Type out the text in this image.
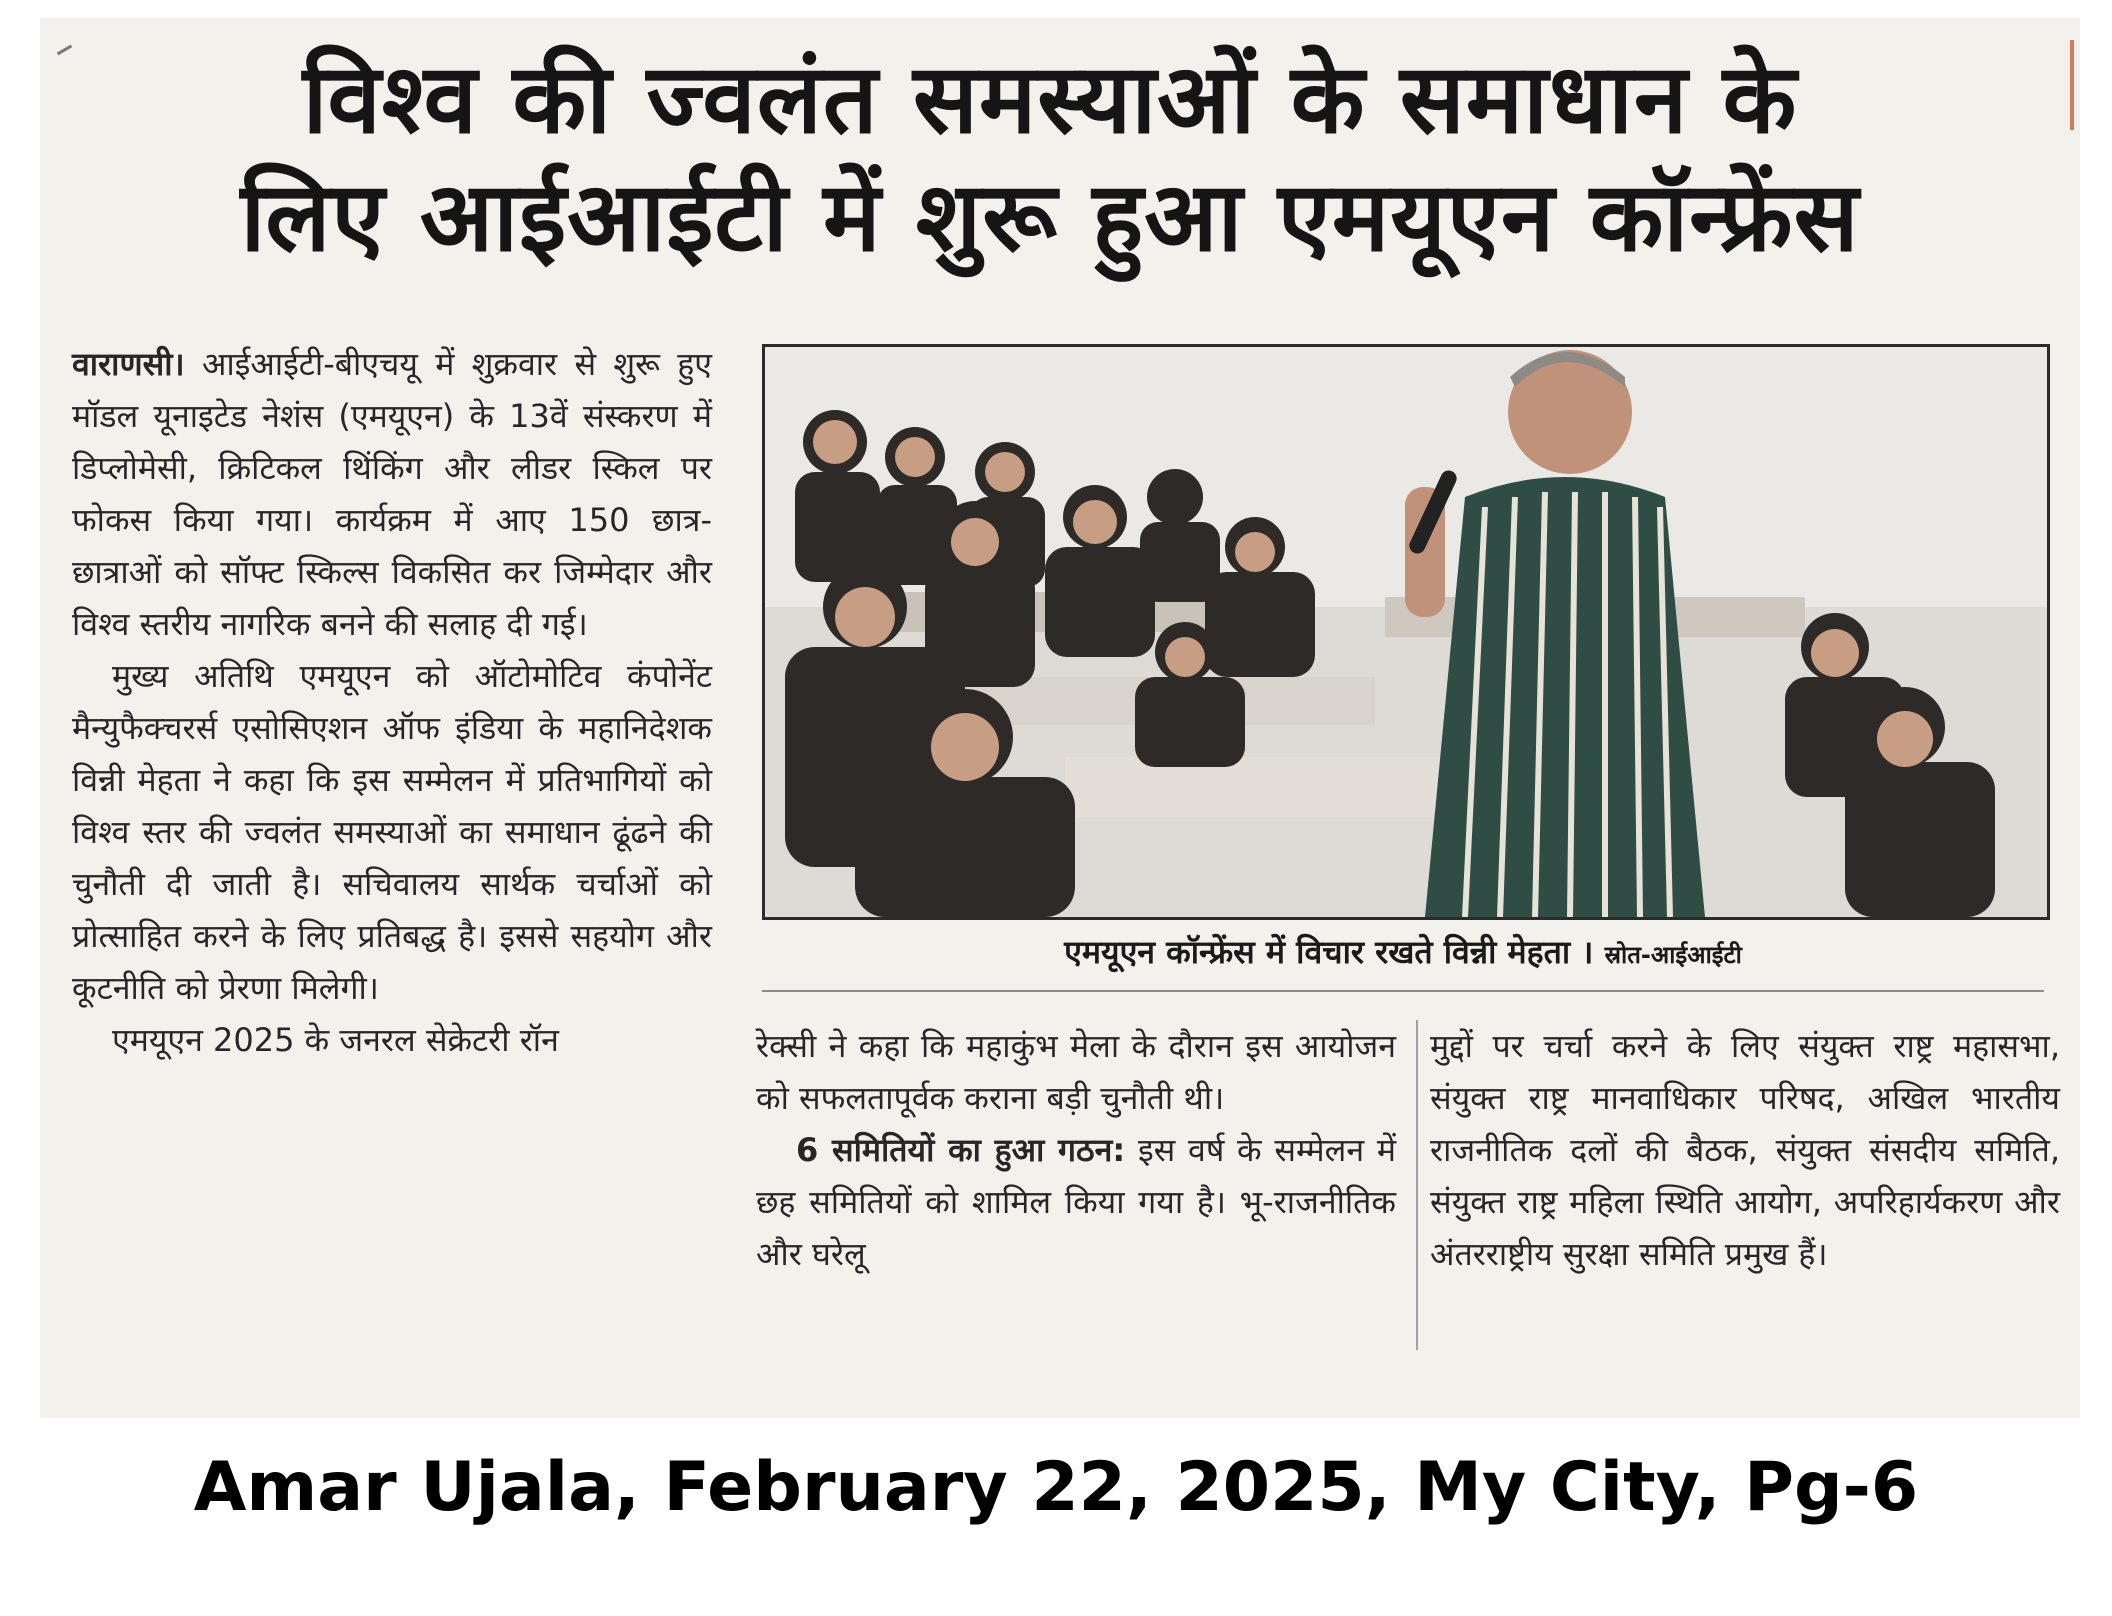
विश्व की ज्वलंत समस्याओं के समाधान के
लिए आईआईटी में शुरू हुआ एमयूएन कॉन्फ्रेंस

वाराणसी। आईआईटी-बीएचयू में शुक्रवार से शुरू हुए मॉडल यूनाइटेड नेशंस (एमयूएन) के 13वें संस्करण में डिप्लोमेसी, क्रिटिकल थिंकिंग और लीडर स्किल पर फोकस किया गया। कार्यक्रम में आए 150 छात्र-छात्राओं को सॉफ्ट स्किल्स विकसित कर जिम्मेदार और विश्व स्तरीय नागरिक बनने की सलाह दी गई।

मुख्य अतिथि एमयूएन को ऑटोमोटिव कंपोनेंट मैन्युफैक्चरर्स एसोसिएशन ऑफ इंडिया के महानिदेशक विन्नी मेहता ने कहा कि इस सम्मेलन में प्रतिभागियों को विश्व स्तर की ज्वलंत समस्याओं का समाधान ढूंढने की चुनौती दी जाती है। सचिवालय सार्थक चर्चाओं को प्रोत्साहित करने के लिए प्रतिबद्ध है। इससे सहयोग और कूटनीति को प्रेरणा मिलेगी।

एमयूएन 2025 के जनरल सेक्रेटरी रॉन

एमयूएन कॉन्फ्रेंस में विचार रखते विन्नी मेहता । स्रोत-आईआईटी

रेक्सी ने कहा कि महाकुंभ मेला के दौरान इस आयोजन को सफलतापूर्वक कराना बड़ी चुनौती थी।

6 समितियों का हुआ गठन: इस वर्ष के सम्मेलन में छह समितियों को शामिल किया गया है। भू-राजनीतिक और घरेलू

मुद्दों पर चर्चा करने के लिए संयुक्त राष्ट्र महासभा, संयुक्त राष्ट्र मानवाधिकार परिषद, अखिल भारतीय राजनीतिक दलों की बैठक, संयुक्त संसदीय समिति, संयुक्त राष्ट्र महिला स्थिति आयोग, अपरिहार्यकरण और अंतरराष्ट्रीय सुरक्षा समिति प्रमुख हैं।

Amar Ujala, February 22, 2025, My City, Pg-6
